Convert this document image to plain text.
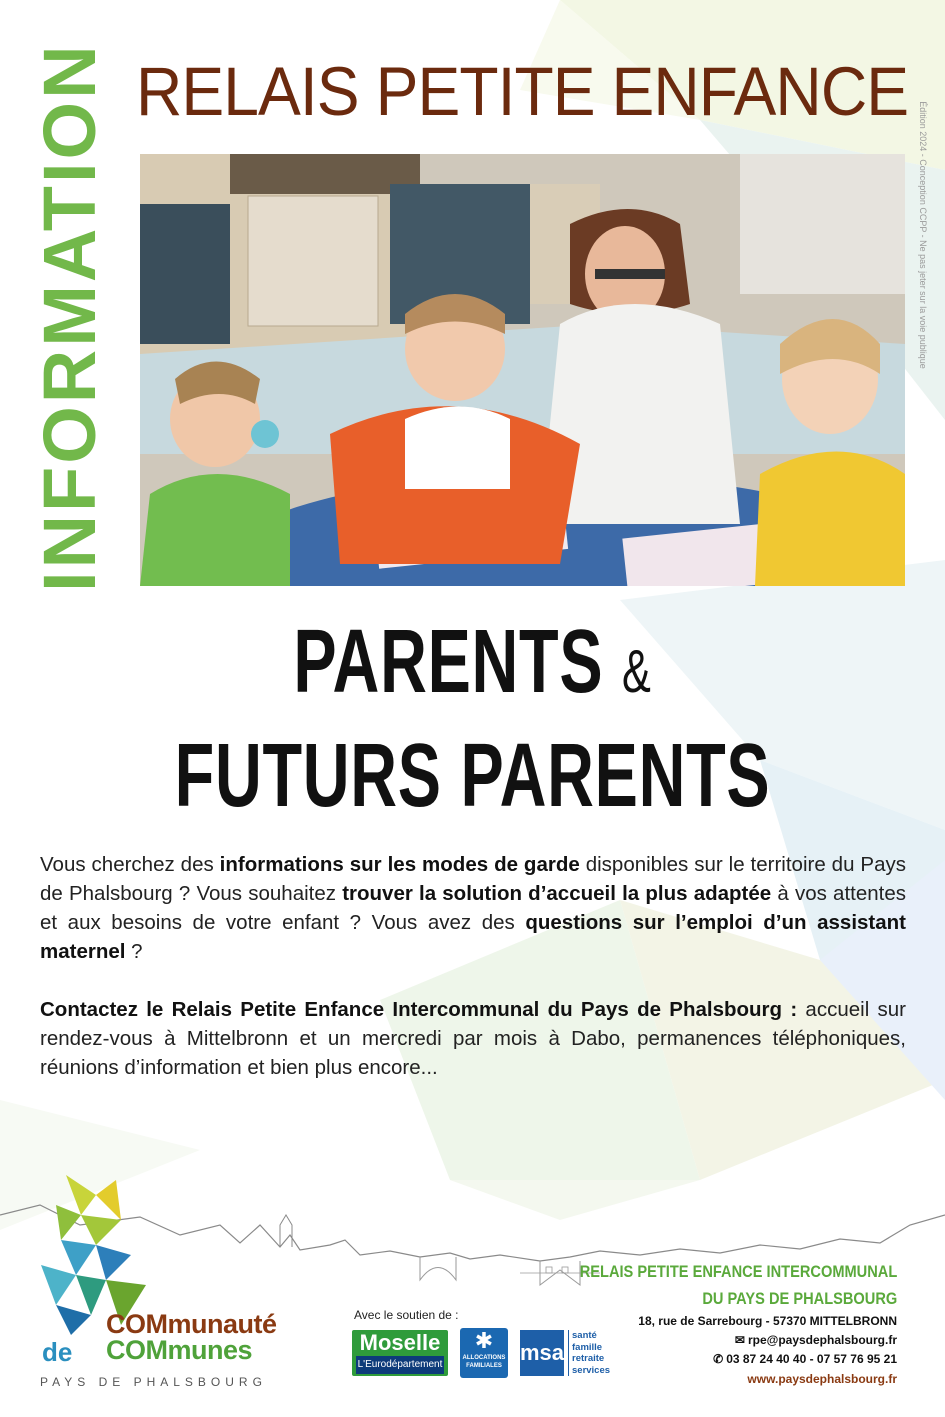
INFORMATION RELAIS PETITE ENFANCE
Édition 2024 - Conception CCPP - Ne pas jeter sur la voie publique
PARENTS &
FUTURS PARENTS

Vous cherchez des informations sur les modes de garde disponibles sur le territoire du Pays de Phalsbourg ? Vous souhaitez trouver la solution d’accueil la plus adaptée à vos attentes et aux besoins de votre enfant ? Vous avez des questions sur l’emploi d’un assistant maternel ?

Contactez le Relais Petite Enfance Intercommunal du Pays de Phalsbourg : accueil sur rendez-vous à Mittelbronn et un mercredi par mois à Dabo, permanences téléphoniques, réunions d’information et bien plus encore...

de
COMmunauté
COMmunes
PAYS DE PHALSBOURG
Avec le soutien de :
Moselle
L'Eurodépartement
✱
ALLOCATIONS FAMILIALES
msa
santé
famille
retraite
services
RELAIS PETITE ENFANCE INTERCOMMUNAL
DU PAYS DE PHALSBOURG
18, rue de Sarrebourg - 57370 MITTELBRONN
✉ rpe@paysdephalsbourg.fr
✆ 03 87 24 40 40 - 07 57 76 95 21
www.paysdephalsbourg.fr
